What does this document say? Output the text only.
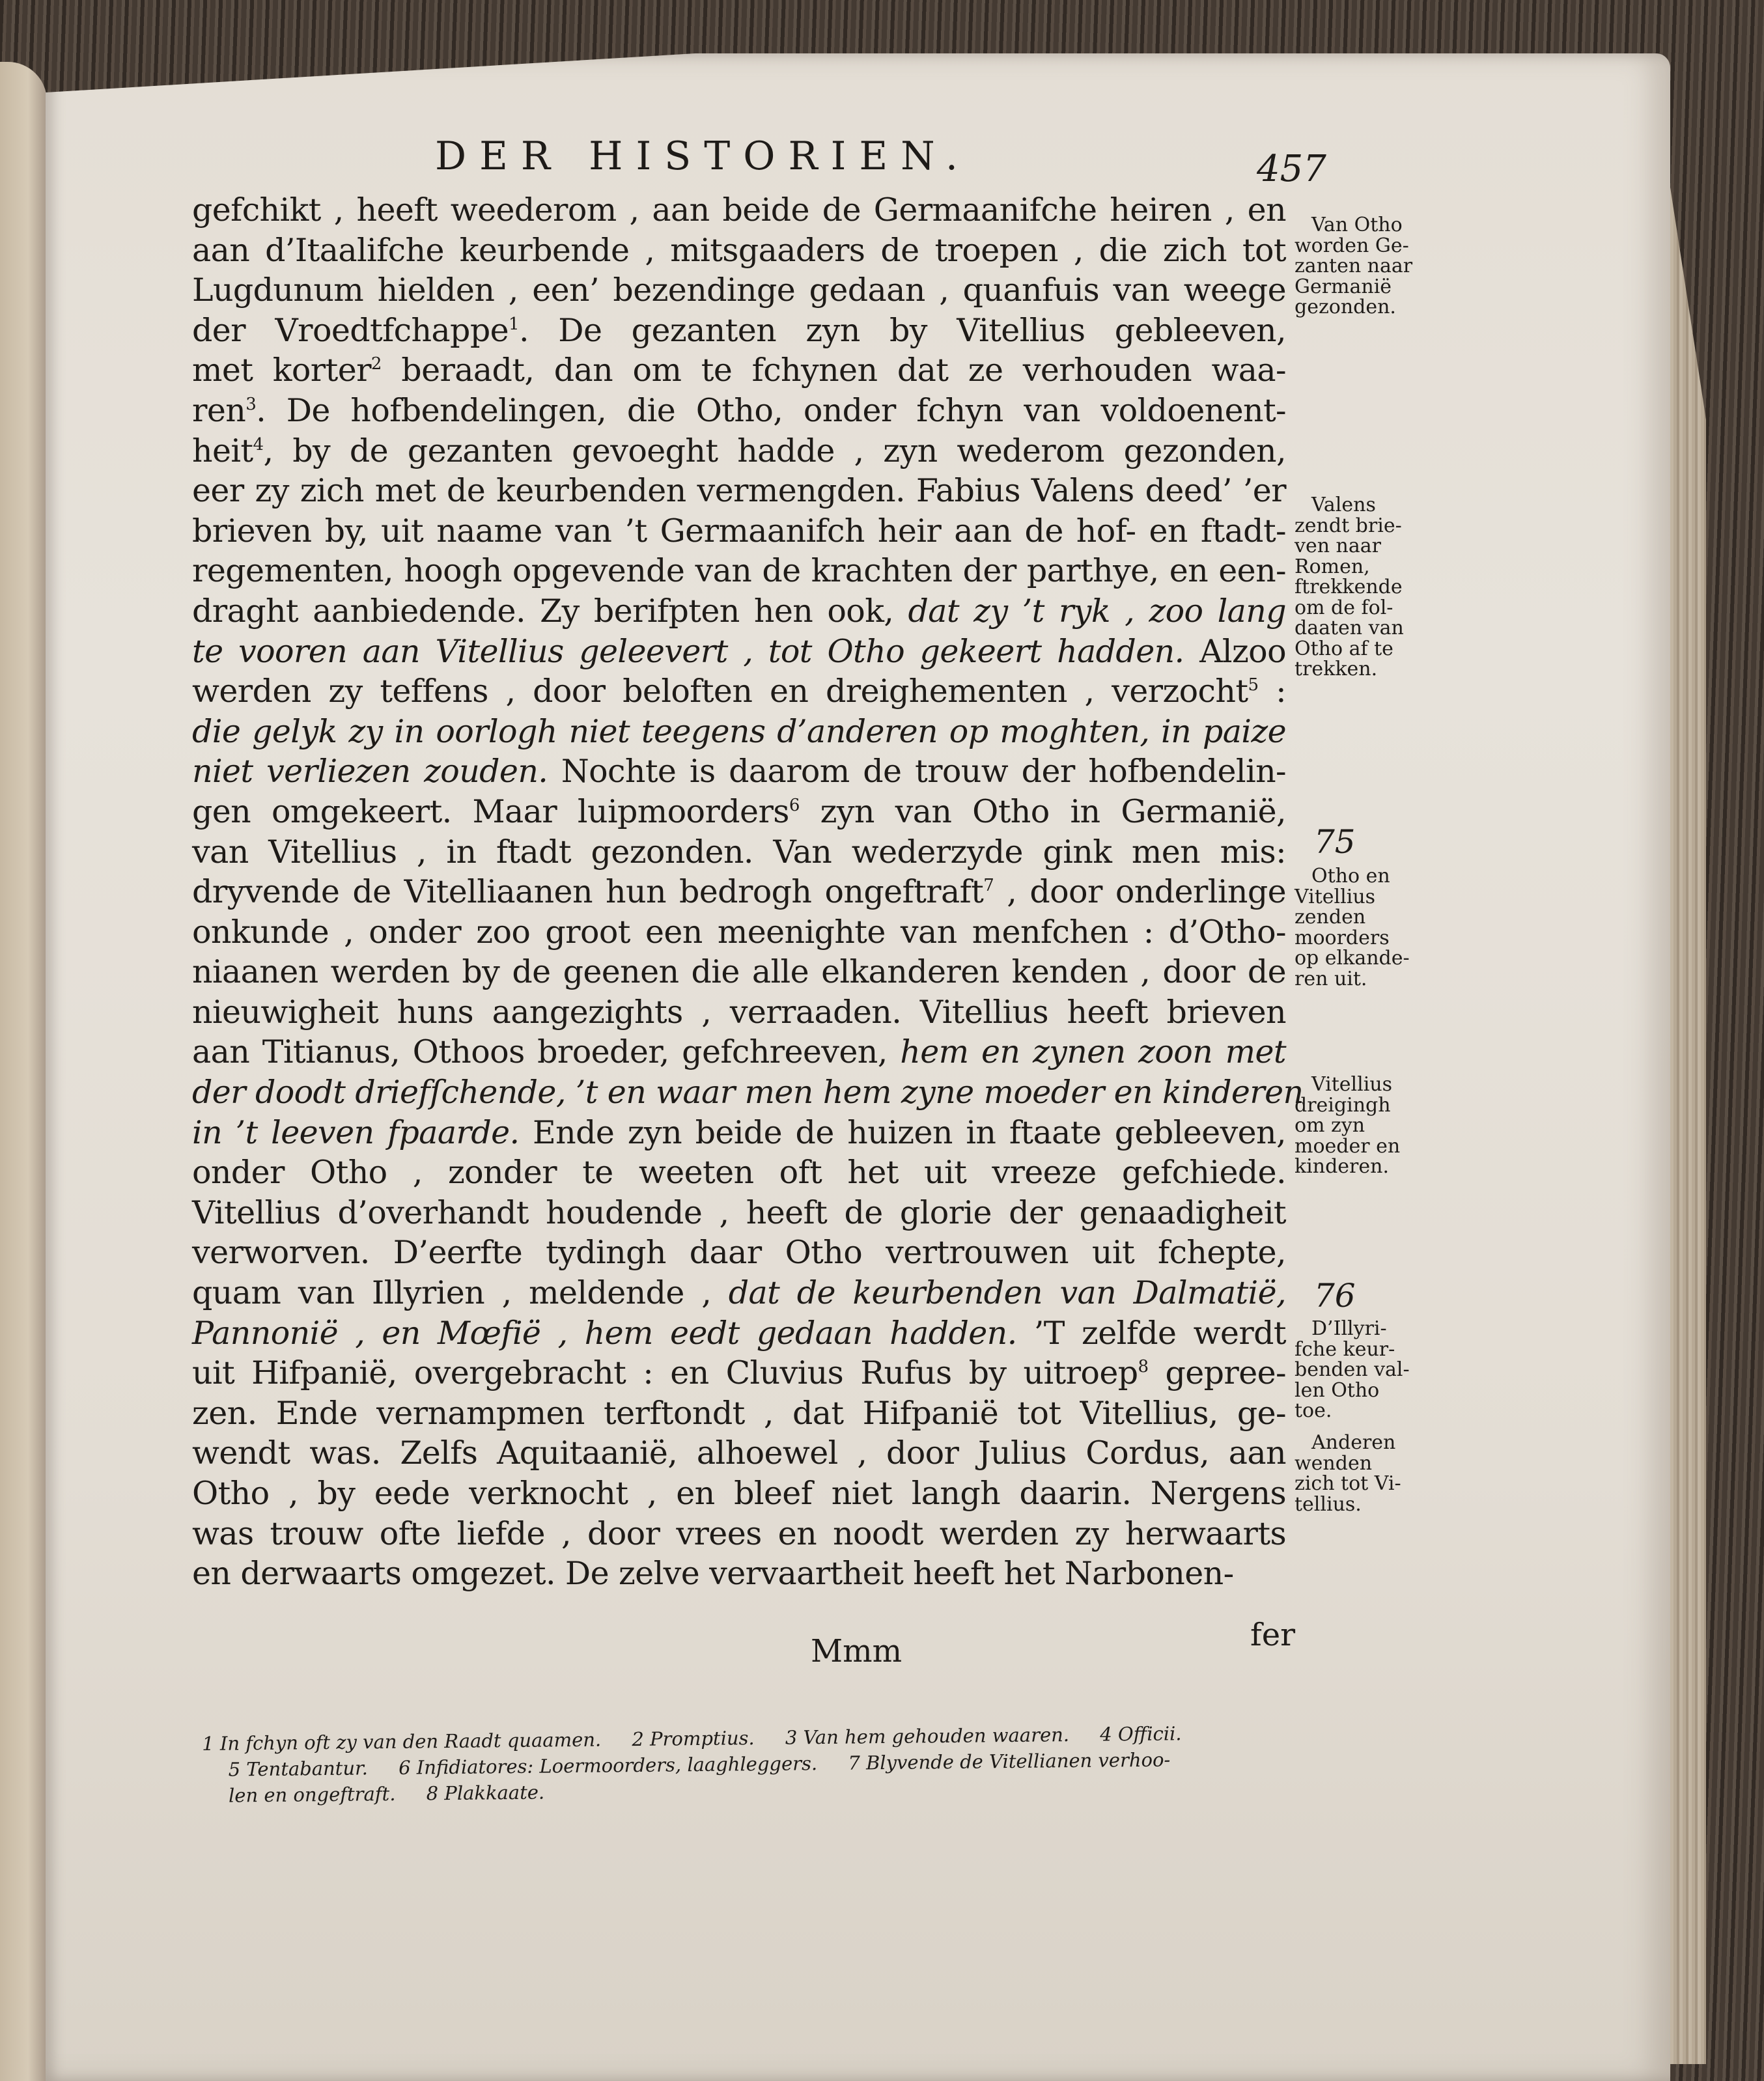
DER HISTORIEN.	457
gefchikt , heeft weederom , aan beide de Germaanifche heiren , en
aan d’Itaalifche keurbende , mitsgaaders de troepen , die zich tot
Lugdunum hielden , een’ bezendinge gedaan , quanfuis van weege
der Vroedtfchappe$^1$. De gezanten zyn by Vitellius gebleeven,
met korter$^2$ beraadt, dan om te fchynen dat ze verhouden waa-
ren$^3$. De hofbendelingen, die Otho, onder fchyn van voldoenent-
heit$^4$, by de gezanten gevoeght hadde , zyn wederom gezonden,
eer zy zich met de keurbenden vermengden. Fabius Valens deed’ ’er
brieven by, uit naame van ’t Germaanifch heir aan de hof- en ftadt-
regementen, hoogh opgevende van de krachten der parthye, en een-
draght aanbiedende. Zy berifpten hen ook, dat zy ’t ryk , zoo lang
te vooren aan Vitellius geleevert , tot Otho gekeert hadden. Alzoo
werden zy teffens , door beloften en dreighementen , verzocht$^5$ :
die gelyk zy in oorlogh niet teegens d’anderen op moghten, in paize
niet verliezen zouden. Nochte is daarom de trouw der hofbendelin-
gen omgekeert. Maar luipmoorders$^6$ zyn van Otho in Germanië,
van Vitellius , in ftadt gezonden. Van wederzyde gink men mis:
dryvende de Vitelliaanen hun bedrogh ongeftraft$^7$ , door onderlinge
onkunde , onder zoo groot een meenighte van menfchen : d’Otho-
niaanen werden by de geenen die alle elkanderen kenden , door de
nieuwigheit huns aangezights , verraaden. Vitellius heeft brieven
aan Titianus, Othoos broeder, gefchreeven, hem en zynen zoon met
der doodt driefſchende, ’t en waar men hem zyne moeder en kinderen
in ’t leeven fpaarde. Ende zyn beide de huizen in ftaate gebleeven,
onder Otho , zonder te weeten oft het uit vreeze gefchiede.
Vitellius d’overhandt houdende , heeft de glorie der genaadigheit
verworven. D’eerfte tydingh daar Otho vertrouwen uit fchepte,
quam van Illyrien , meldende , dat de keurbenden van Dalmatië,
Pannonië , en Mœfië , hem eedt gedaan hadden. ’T zelfde werdt
uit Hifpanië, overgebracht : en Cluvius Rufus by uitroep$^8$ gepree-
zen. Ende vernampmen terftondt , dat Hifpanië tot Vitellius, ge-
wendt was. Zelfs Aquitaanië, alhoewel , door Julius Cordus, aan
Otho , by eede verknocht , en bleef niet langh daarin. Nergens
was trouw ofte liefde , door vrees en noodt werden zy herwaarts
en derwaarts omgezet. De zelve vervaartheit heeft het Narbonen-
Van Otho
worden Ge-
zanten naar
Germanië
gezonden.
Valens
zendt brie-
ven naar
Romen,
ftrekkende
om de fol-
daaten van
Otho af te
trekken.
75
Otho en
Vitellius
zenden
moorders
op elkande-
ren uit.
Vitellius
dreigingh
om zyn
moeder en
kinderen.
76
D’Illyri-
fche keur-
benden val-
len Otho
toe.
Anderen
wenden
zich tot Vi-
tellius.
Mmm	fer
1 In fchyn oft zy van den Raadt quaamen. 2 Promptius. 3 Van hem gehouden waaren. 4 Officii.
5 Tentabantur. 6 Infidiatores: Loermoorders, laaghleggers. 7 Blyvende de Vitellianen verhoo-
len en ongeftraft. 8 Plakkaate.
